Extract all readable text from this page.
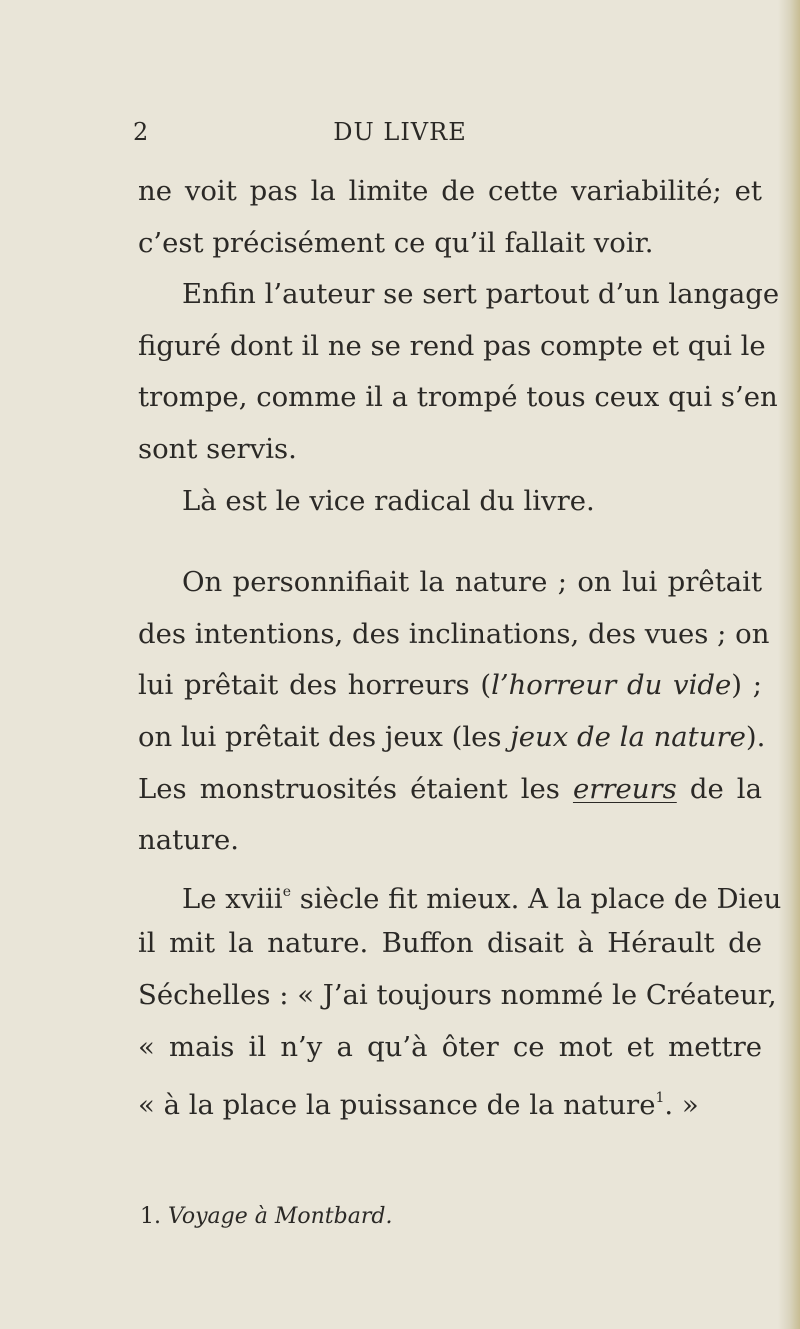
2	DU LIVRE
ne voit pas la limite de cette variabilité; et
c’est précisément ce qu’il fallait voir.
Enfin l’auteur se sert partout d’un langage
figuré dont il ne se rend pas compte et qui le
trompe, comme il a trompé tous ceux qui s’en
sont servis.
Là est le vice radical du livre.
On personnifiait la nature ; on lui prêtait
des intentions, des inclinations, des vues ; on
lui prêtait des horreurs (l’horreur du vide) ;
on lui prêtait des jeux (les jeux de la nature).
Les monstruosités étaient les erreurs de la
nature.
Le xviii$^e$ siècle fit mieux. A la place de Dieu
il mit la nature. Buffon disait à Hérault de
Séchelles : « J’ai toujours nommé le Créateur,
« mais il n’y a qu’à ôter ce mot et mettre
« à la place la puissance de la nature$^1$. »
1. Voyage à Montbard.
